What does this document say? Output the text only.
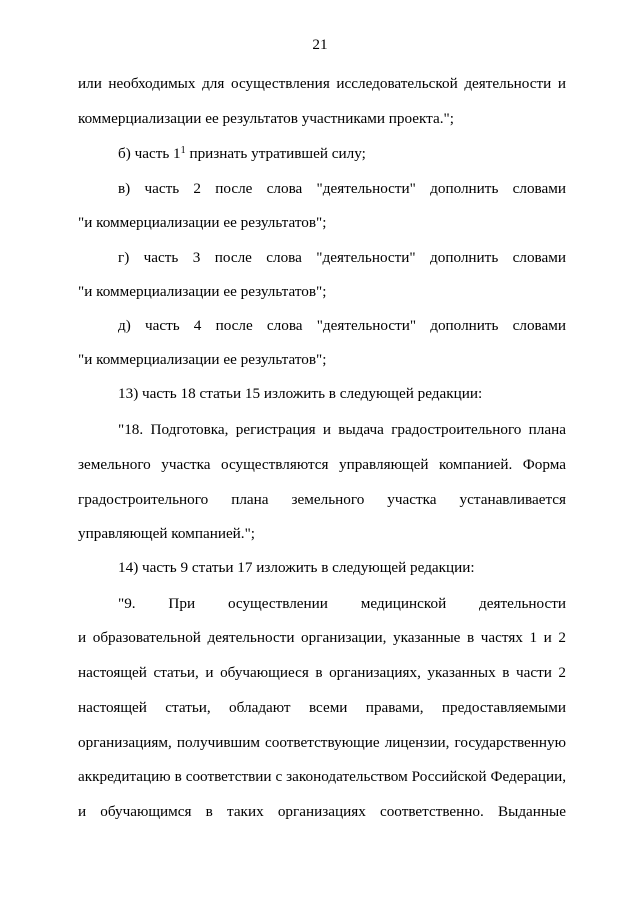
21
или необходимых для осуществления исследовательской деятельности и
коммерциализации ее результатов участниками проекта.";
б) часть $1^1$ признать утратившей силу;
в) часть 2 после слова "деятельности" дополнить словами
"и коммерциализации ее результатов";
г) часть 3 после слова "деятельности" дополнить словами
"и коммерциализации ее результатов";
д) часть 4 после слова "деятельности" дополнить словами
"и коммерциализации ее результатов";
13) часть 18 статьи 15 изложить в следующей редакции:
"18. Подготовка, регистрация и выдача градостроительного плана
земельного участка осуществляются управляющей компанией. Форма
градостроительного плана земельного участка устанавливается
управляющей компанией.";
14) часть 9 статьи 17 изложить в следующей редакции:
"9. При осуществлении медицинской деятельности
и образовательной деятельности организации, указанные в частях 1 и 2
настоящей статьи, и обучающиеся в организациях, указанных в части 2
настоящей статьи, обладают всеми правами, предоставляемыми
организациям, получившим соответствующие лицензии, государственную
аккредитацию в соответствии с законодательством Российской Федерации,
и обучающимся в таких организациях соответственно. Выданные
